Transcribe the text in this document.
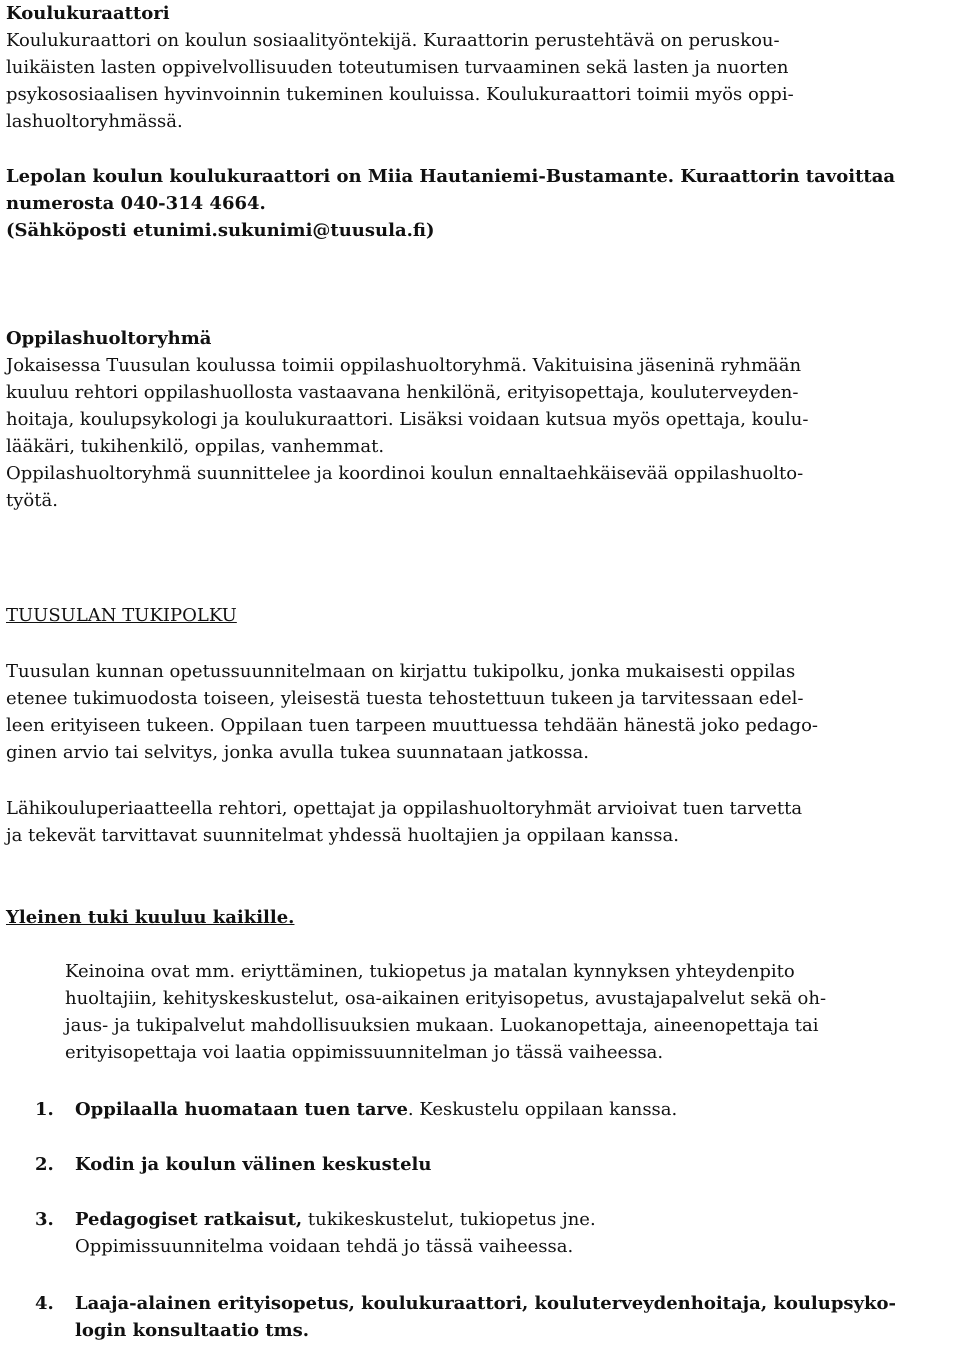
Koulukuraattori
Koulukuraattori on koulun sosiaalityöntekijä. Kuraattorin perustehtävä on peruskou-
luikäisten lasten oppivelvollisuuden toteutumisen turvaaminen sekä lasten ja nuorten
psykososiaalisen hyvinvoinnin tukeminen kouluissa. Koulukuraattori toimii myös oppi-
lashuoltoryhmässä.
Lepolan koulun koulukuraattori on Miia Hautaniemi-Bustamante. Kuraattorin tavoittaa
numerosta 040-314 4664.
(Sähköposti etunimi.sukunimi@tuusula.fi)
Oppilashuoltoryhmä
Jokaisessa Tuusulan koulussa toimii oppilashuoltoryhmä. Vakituisina jäseninä ryhmään
kuuluu rehtori oppilashuollosta vastaavana henkilönä, erityisopettaja, kouluterveyden-
hoitaja, koulupsykologi ja koulukuraattori. Lisäksi voidaan kutsua myös opettaja, koulu-
lääkäri, tukihenkilö, oppilas, vanhemmat.
Oppilashuoltoryhmä suunnittelee ja koordinoi koulun ennaltaehkäisevää oppilashuolto-
työtä.
TUUSULAN TUKIPOLKU
Tuusulan kunnan opetussuunnitelmaan on kirjattu tukipolku, jonka mukaisesti oppilas
etenee tukimuodosta toiseen, yleisestä tuesta tehostettuun tukeen ja tarvitessaan edel-
leen erityiseen tukeen. Oppilaan tuen tarpeen muuttuessa tehdään hänestä joko pedago-
ginen arvio tai selvitys, jonka avulla tukea suunnataan jatkossa.
Lähikouluperiaatteella rehtori, opettajat ja oppilashuoltoryhmät arvioivat tuen tarvetta
ja tekevät tarvittavat suunnitelmat yhdessä huoltajien ja oppilaan kanssa.
Yleinen tuki kuuluu kaikille.
Keinoina ovat mm. eriyttäminen, tukiopetus ja matalan kynnyksen yhteydenpito
huoltajiin, kehityskeskustelut, osa-aikainen erityisopetus, avustajapalvelut sekä oh-
jaus- ja tukipalvelut mahdollisuuksien mukaan. Luokanopettaja, aineenopettaja tai
erityisopettaja voi laatia oppimissuunnitelman jo tässä vaiheessa.
1. Oppilaalla huomataan tuen tarve. Keskustelu oppilaan kanssa.
2. Kodin ja koulun välinen keskustelu
3. Pedagogiset ratkaisut, tukikeskustelut, tukiopetus jne.
Oppimissuunnitelma voidaan tehdä jo tässä vaiheessa.
4. Laaja-alainen erityisopetus, koulukuraattori, kouluterveydenhoitaja, koulupsyko-
login konsultaatio tms.
